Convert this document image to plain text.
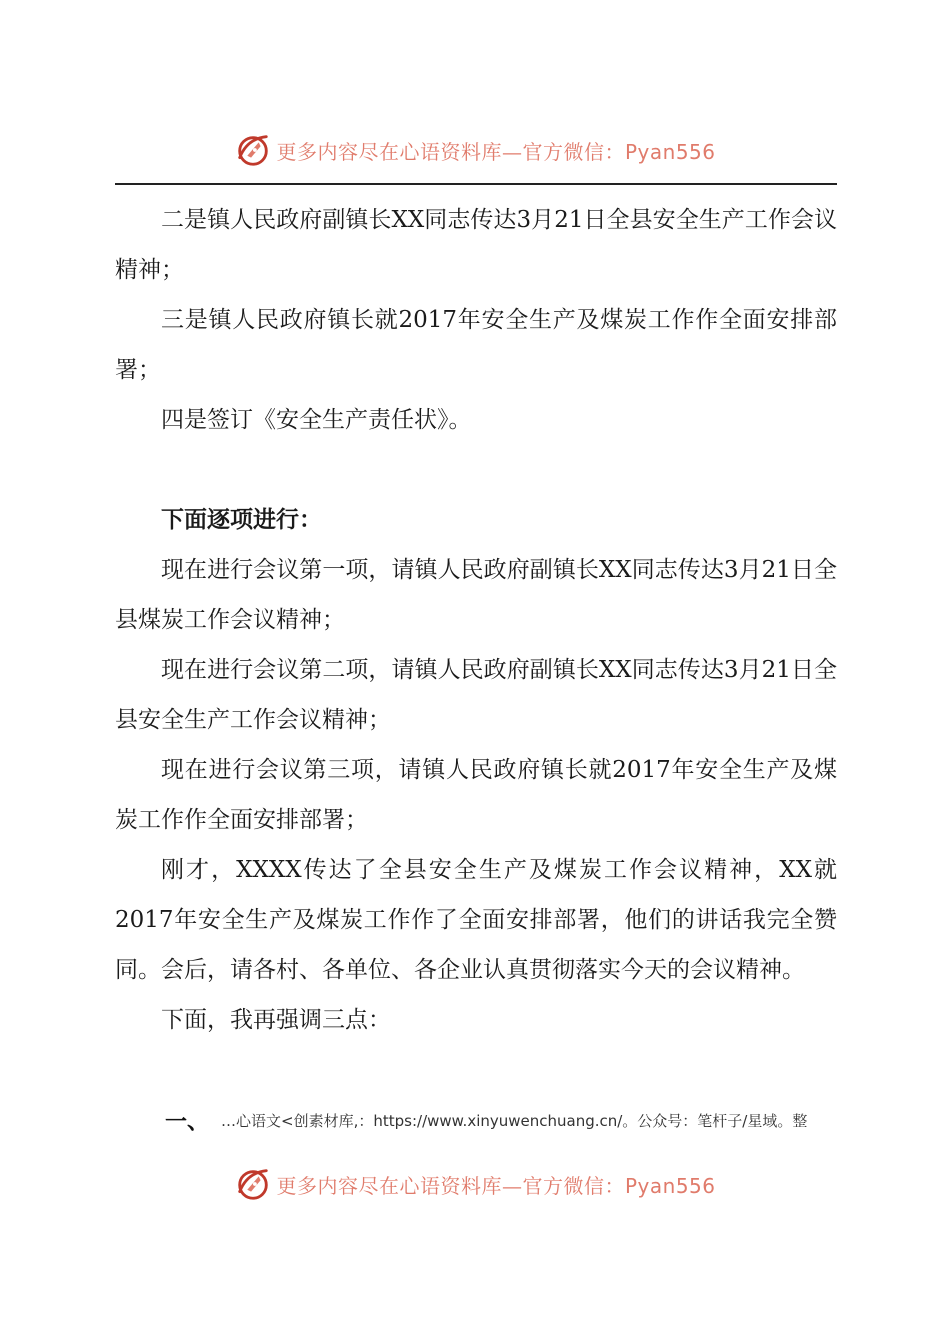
更多内容尽在心语资料库—官方微信：Pyan556

二是镇人民政府副镇长XX同志传达3月21日全县安全生产工作会议精神；

三是镇人民政府镇长就2017年安全生产及煤炭工作作全面安排部署；

四是签订《安全生产责任状》。

下面逐项进行：

现在进行会议第一项，请镇人民政府副镇长XX同志传达3月21日全县煤炭工作会议精神；

现在进行会议第二项，请镇人民政府副镇长XX同志传达3月21日全县安全生产工作会议精神；

现在进行会议第三项，请镇人民政府镇长就2017年安全生产及煤炭工作作全面安排部署；

刚才，XXXX传达了全县安全生产及煤炭工作会议精神，XX就2017年安全生产及煤炭工作作了全面安排部署，他们的讲话我完全赞同。会后，请各村、各单位、各企业认真贯彻落实今天的会议精神。

下面，我再强调三点：

一、 …心语文<创素材库,：https://www.xinyuwenchuang.cn/。公众号：笔杆子/星域。整
更多内容尽在心语资料库—官方微信：Pyan556
